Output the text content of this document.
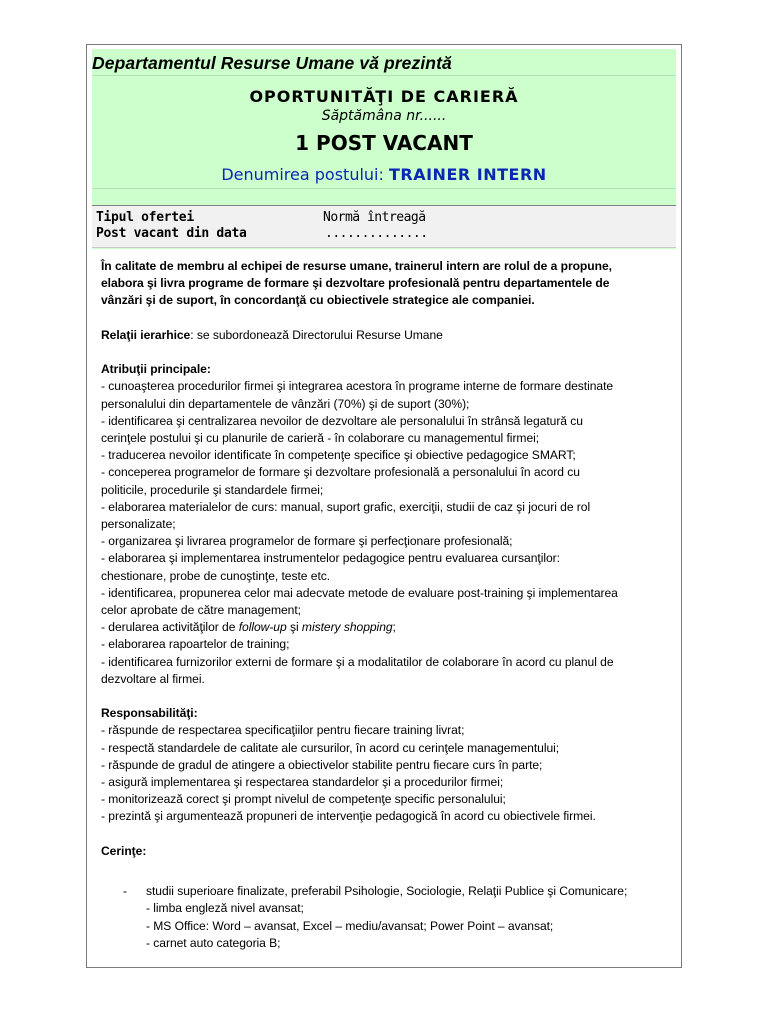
Departamentul Resurse Umane vă prezintă
OPORTUNITĂŢI DE CARIERĂ
Săptămâna nr......
1 POST VACANT
Denumirea postului: TRAINER INTERN
Tipul ofertei	Normă întreagă
Post vacant din data	..............
În calitate de membru al echipei de resurse umane, trainerul intern are rolul de a propune,
elabora şi livra programe de formare şi dezvoltare profesională pentru departamentele de
vânzări şi de suport, în concordanţă cu obiectivele strategice ale companiei.
Relaţii ierarhice: se subordonează Directorului Resurse Umane
Atribuţii principale:
- cunoaşterea procedurilor firmei şi integrarea acestora în programe interne de formare destinate
personalului din departamentele de vânzări (70%) şi de suport (30%);
- identificarea şi centralizarea nevoilor de dezvoltare ale personalului în strânsă legatură cu
cerinţele postului şi cu planurile de carieră - în colaborare cu managementul firmei;
- traducerea nevoilor identificate în competenţe specifice şi obiective pedagogice SMART;
- conceperea programelor de formare şi dezvoltare profesională a personalului în acord cu
politicile, procedurile şi standardele firmei;
- elaborarea materialelor de curs: manual, suport grafic, exerciţii, studii de caz şi jocuri de rol
personalizate;
- organizarea şi livrarea programelor de formare şi perfecţionare profesională;
- elaborarea şi implementarea instrumentelor pedagogice pentru evaluarea cursanţilor:
chestionare, probe de cunoştinţe, teste etc.
- identificarea, propunerea celor mai adecvate metode de evaluare post-training şi implementarea
celor aprobate de către management;
- derularea activităţilor de follow-up şi mistery shopping;
- elaborarea rapoartelor de training;
- identificarea furnizorilor externi de formare şi a modalitatilor de colaborare în acord cu planul de
dezvoltare al firmei.
Responsabilităţi:
- răspunde de respectarea specificaţiilor pentru fiecare training livrat;
- respectă standardele de calitate ale cursurilor, în acord cu cerinţele managementului;
- răspunde de gradul de atingere a obiectivelor stabilite pentru fiecare curs în parte;
- asigură implementarea şi respectarea standardelor şi a procedurilor firmei;
- monitorizează corect şi prompt nivelul de competenţe specific personalului;
- prezintă şi argumentează propuneri de intervenţie pedagogică în acord cu obiectivele firmei.
Cerinţe:
- studii superioare finalizate, preferabil Psihologie, Sociologie, Relaţii Publice şi Comunicare;
- limba engleză nivel avansat;
- MS Office: Word – avansat, Excel – mediu/avansat; Power Point – avansat;
- carnet auto categoria B;
